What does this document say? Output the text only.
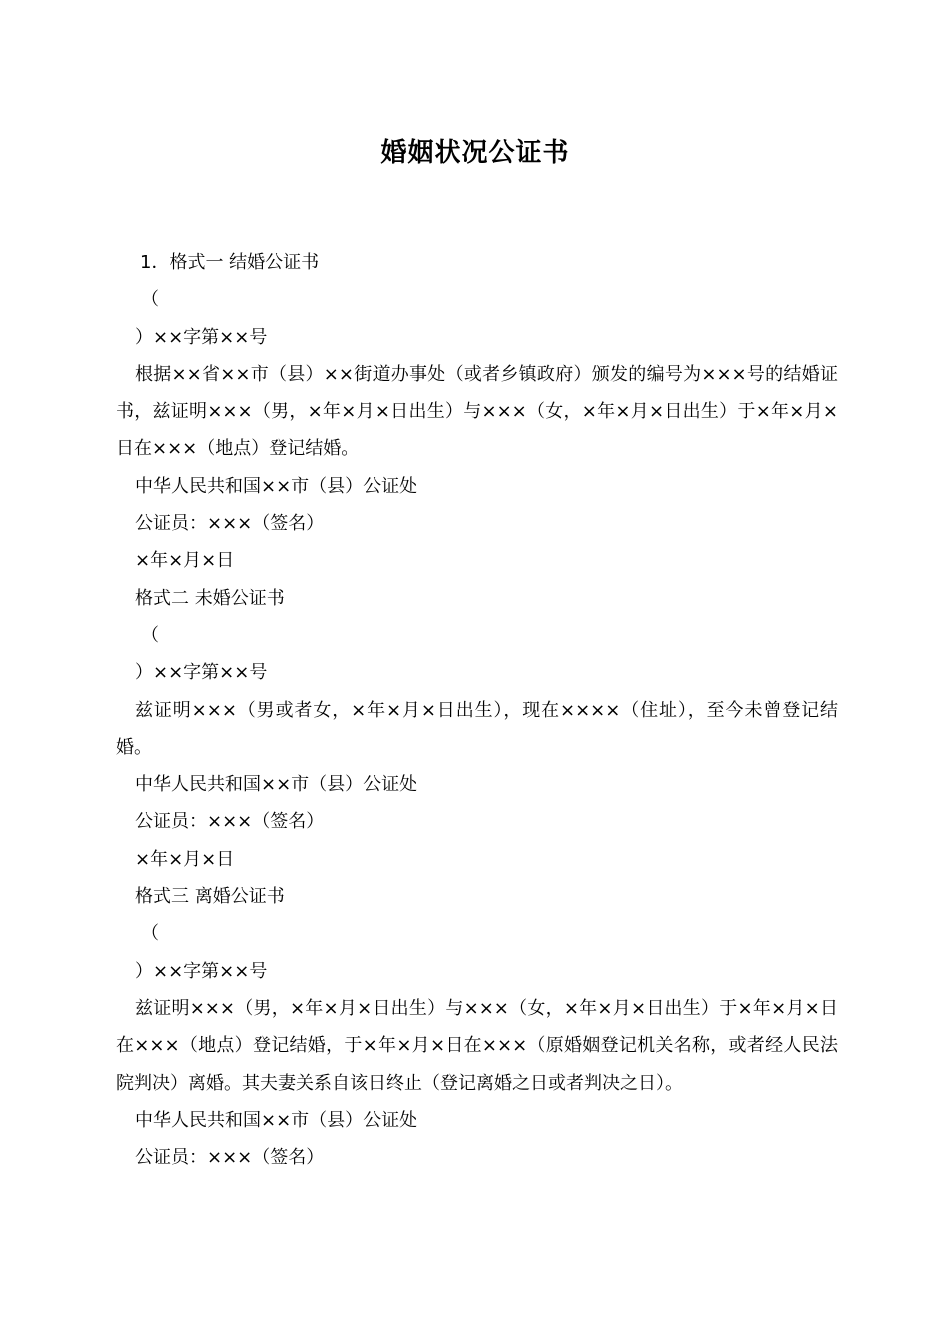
婚姻状况公证书

1．格式一 结婚公证书

（

）××字第××号

根据××省××市（县）××街道办事处（或者乡镇政府）颁发的编号为×××号的结婚证书，兹证明×××（男，×年×月×日出生）与×××（女，×年×月×日出生）于×年×月×日在×××（地点）登记结婚。

中华人民共和国××市（县）公证处

公证员：×××（签名）

×年×月×日

格式二 未婚公证书

（

）××字第××号

兹证明×××（男或者女，×年×月×日出生），现在××××（住址），至今未曾登记结婚。

中华人民共和国××市（县）公证处

公证员：×××（签名）

×年×月×日

格式三 离婚公证书

（

）××字第××号

兹证明×××（男，×年×月×日出生）与×××（女，×年×月×日出生）于×年×月×日在×××（地点）登记结婚，于×年×月×日在×××（原婚姻登记机关名称，或者经人民法院判决）离婚。其夫妻关系自该日终止（登记离婚之日或者判决之日）。

中华人民共和国××市（县）公证处

公证员：×××（签名）
